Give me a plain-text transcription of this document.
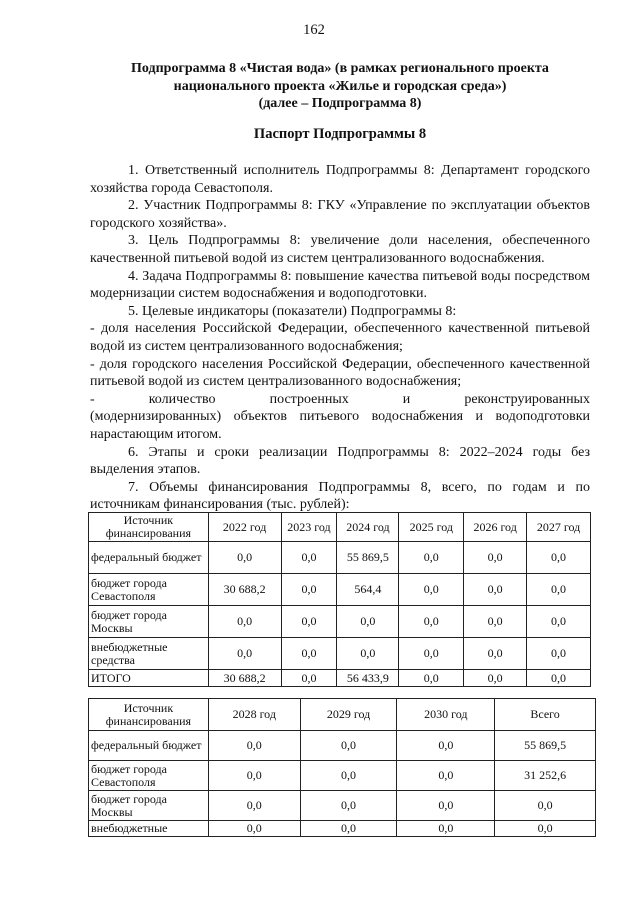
162
Подпрограмма 8 «Чистая вода» (в рамках регионального проекта
национального проекта «Жилье и городская среда»)
(далее – Подпрограмма 8)
Паспорт Подпрограммы 8

1. Ответственный исполнитель Подпрограммы 8: Департамент городского хозяйства города Севастополя.

2. Участник Подпрограммы 8: ГКУ «Управление по эксплуатации объектов городского хозяйства».

3. Цель Подпрограммы 8: увеличение доли населения, обеспеченного качественной питьевой водой из систем централизованного водоснабжения.

4. Задача Подпрограммы 8: повышение качества питьевой воды посредством модернизации систем водоснабжения и водоподготовки.

5. Целевые индикаторы (показатели) Подпрограммы 8:

- доля населения Российской Федерации, обеспеченного качественной питьевой водой из систем централизованного водоснабжения;

- доля городского населения Российской Федерации, обеспеченного качественной питьевой водой из систем централизованного водоснабжения;

-	количество	построенных	и	реконструированных

(модернизированных) объектов питьевого водоснабжения и водоподготовки нарастающим итогом.

6. Этапы и сроки реализации Подпрограммы 8: 2022–2024 годы без выделения этапов.

7. Объемы финансирования Подпрограммы 8, всего, по годам и по источникам финансирования (тыс. рублей):

Источник финансирования	2022 год	2023 год	2024 год	2025 год	2026 год	2027 год
федеральный бюджет	0,0	0,0	55 869,5	0,0	0,0	0,0
бюджет города Севастополя	30 688,2	0,0	564,4	0,0	0,0	0,0
бюджет города Москвы	0,0	0,0	0,0	0,0	0,0	0,0
внебюджетные средства	0,0	0,0	0,0	0,0	0,0	0,0
ИТОГО	30 688,2	0,0	56 433,9	0,0	0,0	0,0
Источник финансирования	2028 год	2029 год	2030 год	Всего
федеральный бюджет	0,0	0,0	0,0	55 869,5
бюджет города Севастополя	0,0	0,0	0,0	31 252,6
бюджет города Москвы	0,0	0,0	0,0	0,0
внебюджетные	0,0	0,0	0,0	0,0
